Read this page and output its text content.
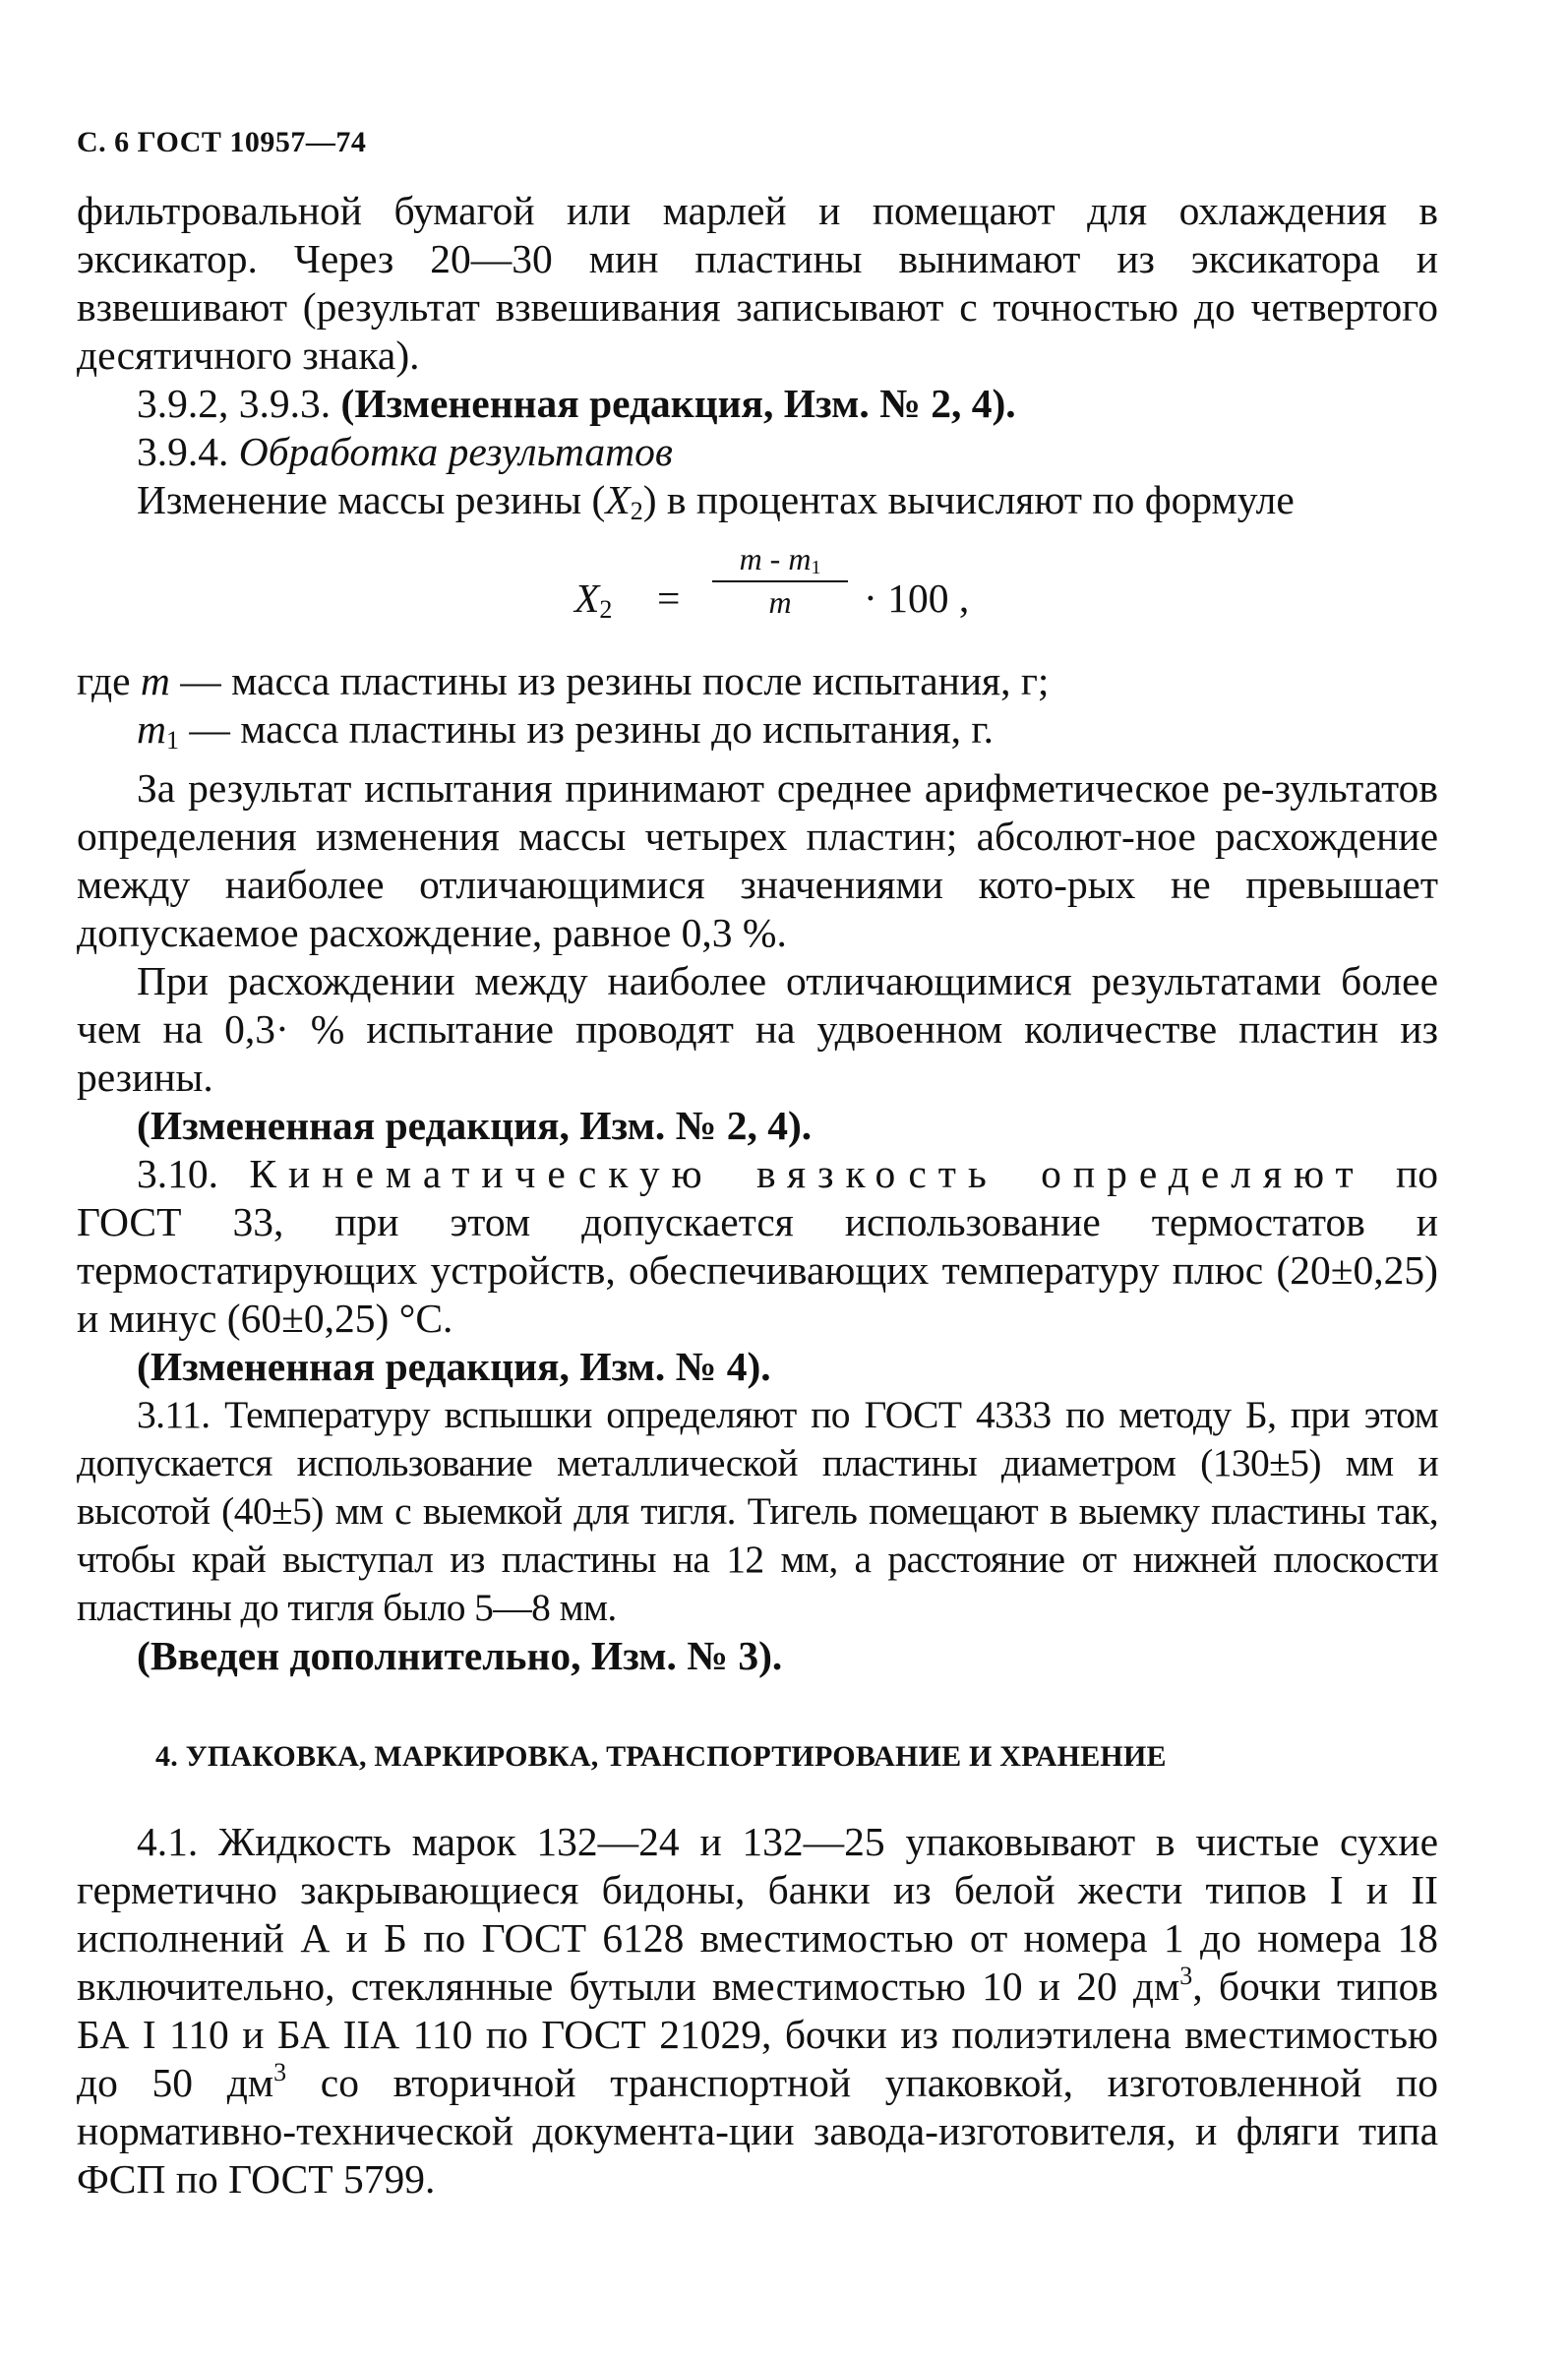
С. 6 ГОСТ 10957—74

фильтровальной бумагой или марлей и помещают для охлаждения в эксикатор. Через 20—30 мин пластины вынимают из эксикатора и взвешивают (результат взвешивания записывают с точностью до четвертого десятичного знака).

3.9.2, 3.9.3. (Измененная редакция, Изм. № 2, 4).

3.9.4. Обработка результатов

Изменение массы резины $(X_2)$ в процентах вычисляют по формуле

$X_2$ =
m - $m_1$
m	· 100 ,
где m — масса пластины из резины после испытания, г;
$m_1$ — масса пластины из резины до испытания, г.

За результат испытания принимают среднее арифметическое ре-зультатов определения изменения массы четырех пластин; абсолют-ное расхождение между наиболее отличающимися значениями кото-рых не превышает допускаемое расхождение, равное 0,3 %.

При расхождении между наиболее отличающимися результатами более чем на 0,3· % испытание проводят на удвоенном количестве пластин из резины.

(Измененная редакция, Изм. № 2, 4).

3.10. Кинематическую вязкость определяют по ГОСТ 33, при этом допускается использование термостатов и термостатирующих устройств, обеспечивающих температуру плюс (20±0,25) и минус (60±0,25) °С.

(Измененная редакция, Изм. № 4).

3.11. Температуру вспышки определяют по ГОСТ 4333 по методу Б, при этом допускается использование металлической пластины диаметром (130±5) мм и высотой (40±5) мм с выемкой для тигля. Тигель помещают в выемку пластины так, чтобы край выступал из пластины на 12 мм, а расстояние от нижней плоскости пластины до тигля было 5—8 мм.

(Введен дополнительно, Изм. № 3).

4. УПАКОВКА, МАРКИРОВКА, ТРАНСПОРТИРОВАНИЕ И ХРАНЕНИЕ

4.1. Жидкость марок 132—24 и 132—25 упаковывают в чистые сухие герметично закрывающиеся бидоны, банки из белой жести типов I и II исполнений А и Б по ГОСТ 6128 вместимостью от номера 1 до номера 18 включительно, стеклянные бутыли вместимостью 10 и 20 $дм^3$, бочки типов БА I 110 и БА IIА 110 по ГОСТ 21029, бочки из полиэтилена вместимостью до 50 $дм^3$ со вторичной транспортной упаковкой, изготовленной по нормативно-технической документа-ции завода-изготовителя, и фляги типа ФСП по ГОСТ 5799.
